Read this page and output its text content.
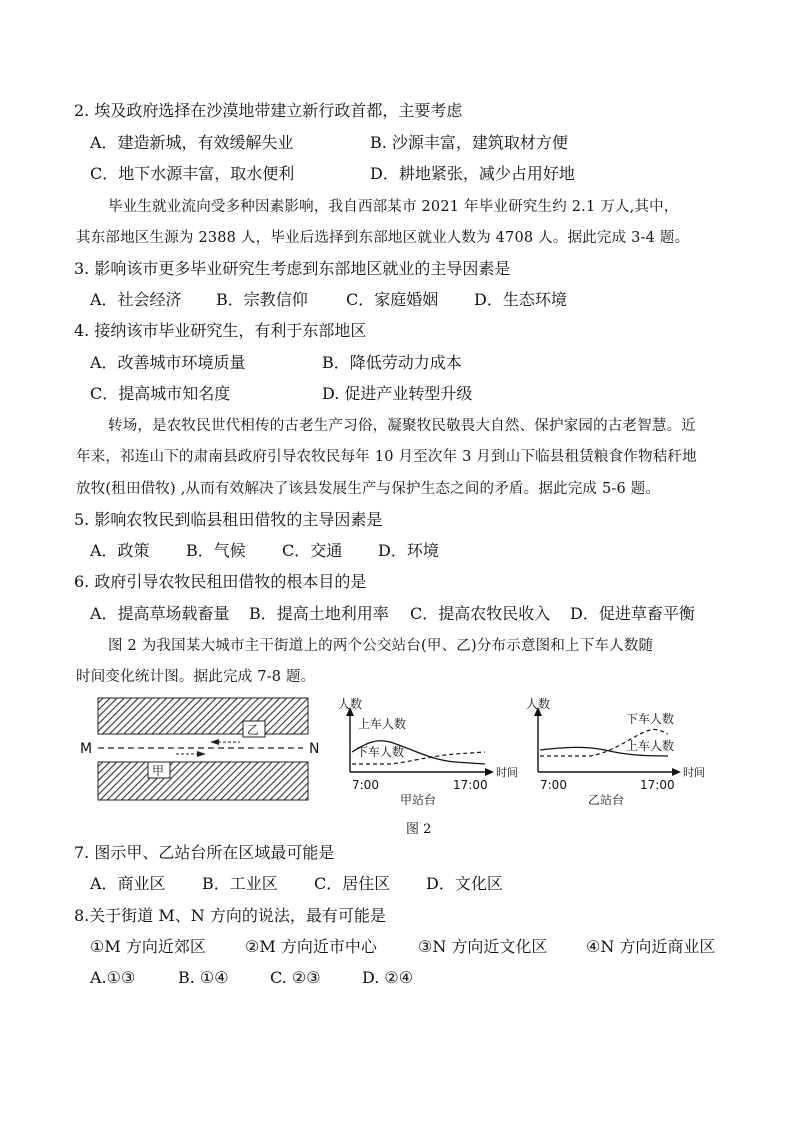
2. 埃及政府选择在沙漠地带建立新行政首都，主要考虑
A．建造新城，有效缓解失业	B. 沙源丰富，建筑取材方便
C．地下水源丰富，取水便利	D．耕地紧张，减少占用好地
毕业生就业流向受多种因素影响，我自西部某市 2021 年毕业研究生约 2.1 万人,其中，
其东部地区生源为 2388 人，毕业后选择到东部地区就业人数为 4708 人。据此完成 3-4 题。
3. 影响该市更多毕业研究生考虑到东部地区就业的主导因素是
A．社会经济 B．宗教信仰 C．家庭婚姻 D．生态环境
4. 接纳该市毕业研究生，有利于东部地区
A．改善城市环境质量	B．降低劳动力成本
C．提高城市知名度	D. 促进产业转型升级
转场，是农牧民世代相传的古老生产习俗，凝聚牧民敬畏大自然、保护家园的古老智慧。近
年来，祁连山下的肃南县政府引导农牧民每年 10 月至次年 3 月到山下临县租赁粮食作物秸秆地
放牧(租田借牧) ,从而有效解决了该县发展生产与保护生态之间的矛盾。据此完成 5-6 题。
5. 影响农牧民到临县租田借牧的主导因素是
A．政策 B．气候 C．交通 D．环境
6. 政府引导农牧民租田借牧的根本目的是
A．提高草场载畜量 B．提高土地利用率 C．提高农牧民收入 D．促进草畜平衡
图 2 为我国某大城市主干街道上的两个公交站台(甲、乙)分布示意图和上下车人数随
时间变化统计图。据此完成 7-8 题。
M	N
乙
甲
人数
时间
上车人数
下车人数
7:00	17:00
甲站台
人数
时间
下车人数
上车人数
7:00	17:00
乙站台
图 2
7. 图示甲、乙站台所在区域最可能是
A．商业区 B．工业区 C．居住区 D．文化区
8.关于街道 M、N 方向的说法，最有可能是
①M 方向近郊区 ②M 方向近市中心	③N 方向近文化区 ④N 方向近商业区
A.①③	B. ①④	C. ②③	D. ②④
